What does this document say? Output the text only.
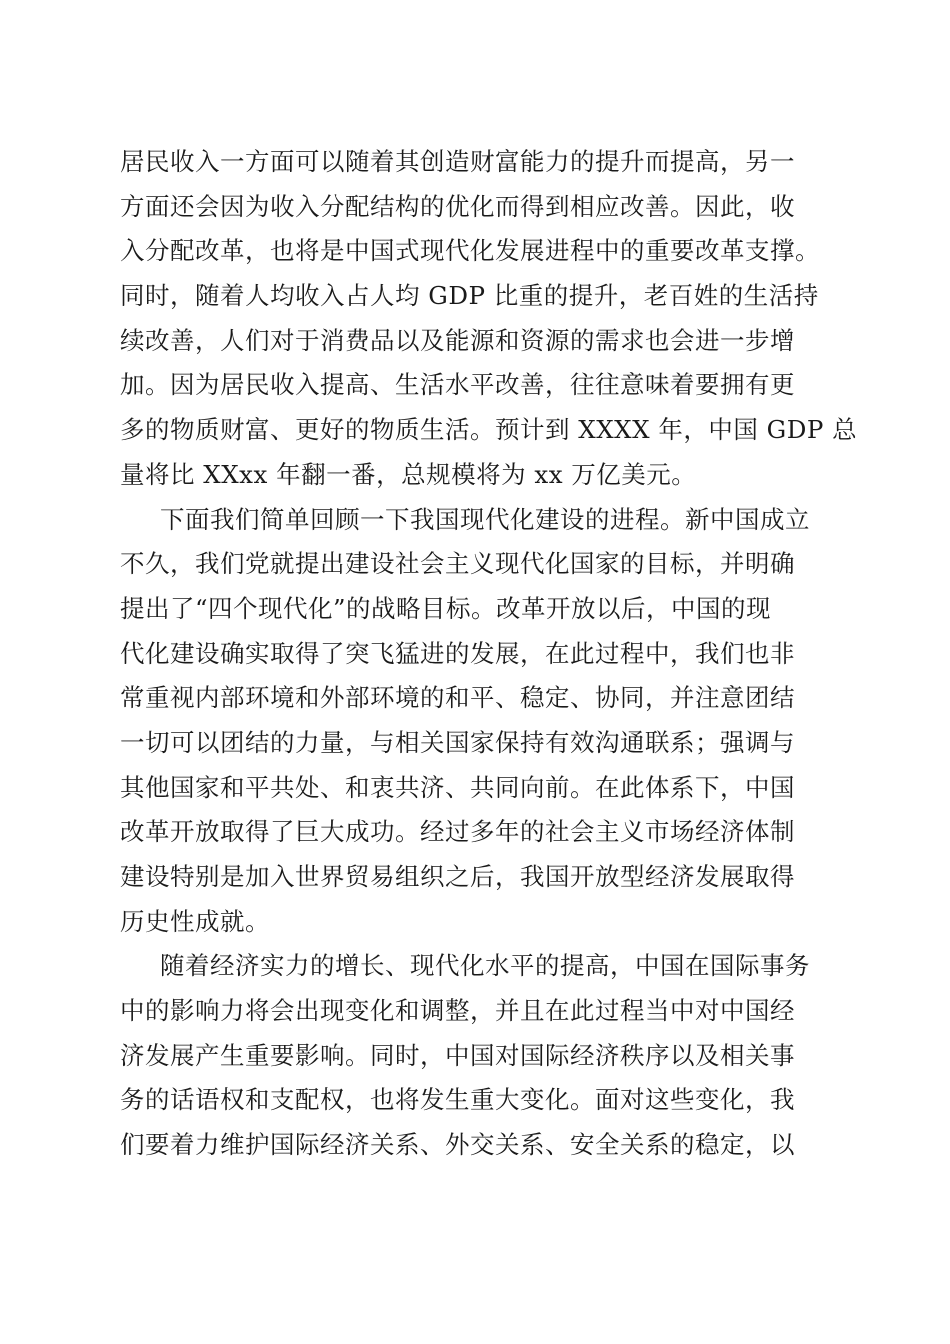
居民收入一方面可以随着其创造财富能力的提升而提高，另一
方面还会因为收入分配结构的优化而得到相应改善。因此，收
入分配改革，也将是中国式现代化发展进程中的重要改革支撑。
同时，随着人均收入占人均 GDP 比重的提升，老百姓的生活持
续改善，人们对于消费品以及能源和资源的需求也会进一步增
加。因为居民收入提高、生活水平改善，往往意味着要拥有更
多的物质财富、更好的物质生活。预计到 XXXX 年，中国 GDP 总
量将比 XXxx 年翻一番，总规模将为 xx 万亿美元。
下面我们简单回顾一下我国现代化建设的进程。新中国成立
不久，我们党就提出建设社会主义现代化国家的目标，并明确
提出了“四个现代化”的战略目标。改革开放以后，中国的现
代化建设确实取得了突飞猛进的发展，在此过程中，我们也非
常重视内部环境和外部环境的和平、稳定、协同，并注意团结
一切可以团结的力量，与相关国家保持有效沟通联系；强调与
其他国家和平共处、和衷共济、共同向前。在此体系下，中国
改革开放取得了巨大成功。经过多年的社会主义市场经济体制
建设特别是加入世界贸易组织之后，我国开放型经济发展取得
历史性成就。
随着经济实力的增长、现代化水平的提高，中国在国际事务
中的影响力将会出现变化和调整，并且在此过程当中对中国经
济发展产生重要影响。同时，中国对国际经济秩序以及相关事
务的话语权和支配权，也将发生重大变化。面对这些变化，我
们要着力维护国际经济关系、外交关系、安全关系的稳定，以
